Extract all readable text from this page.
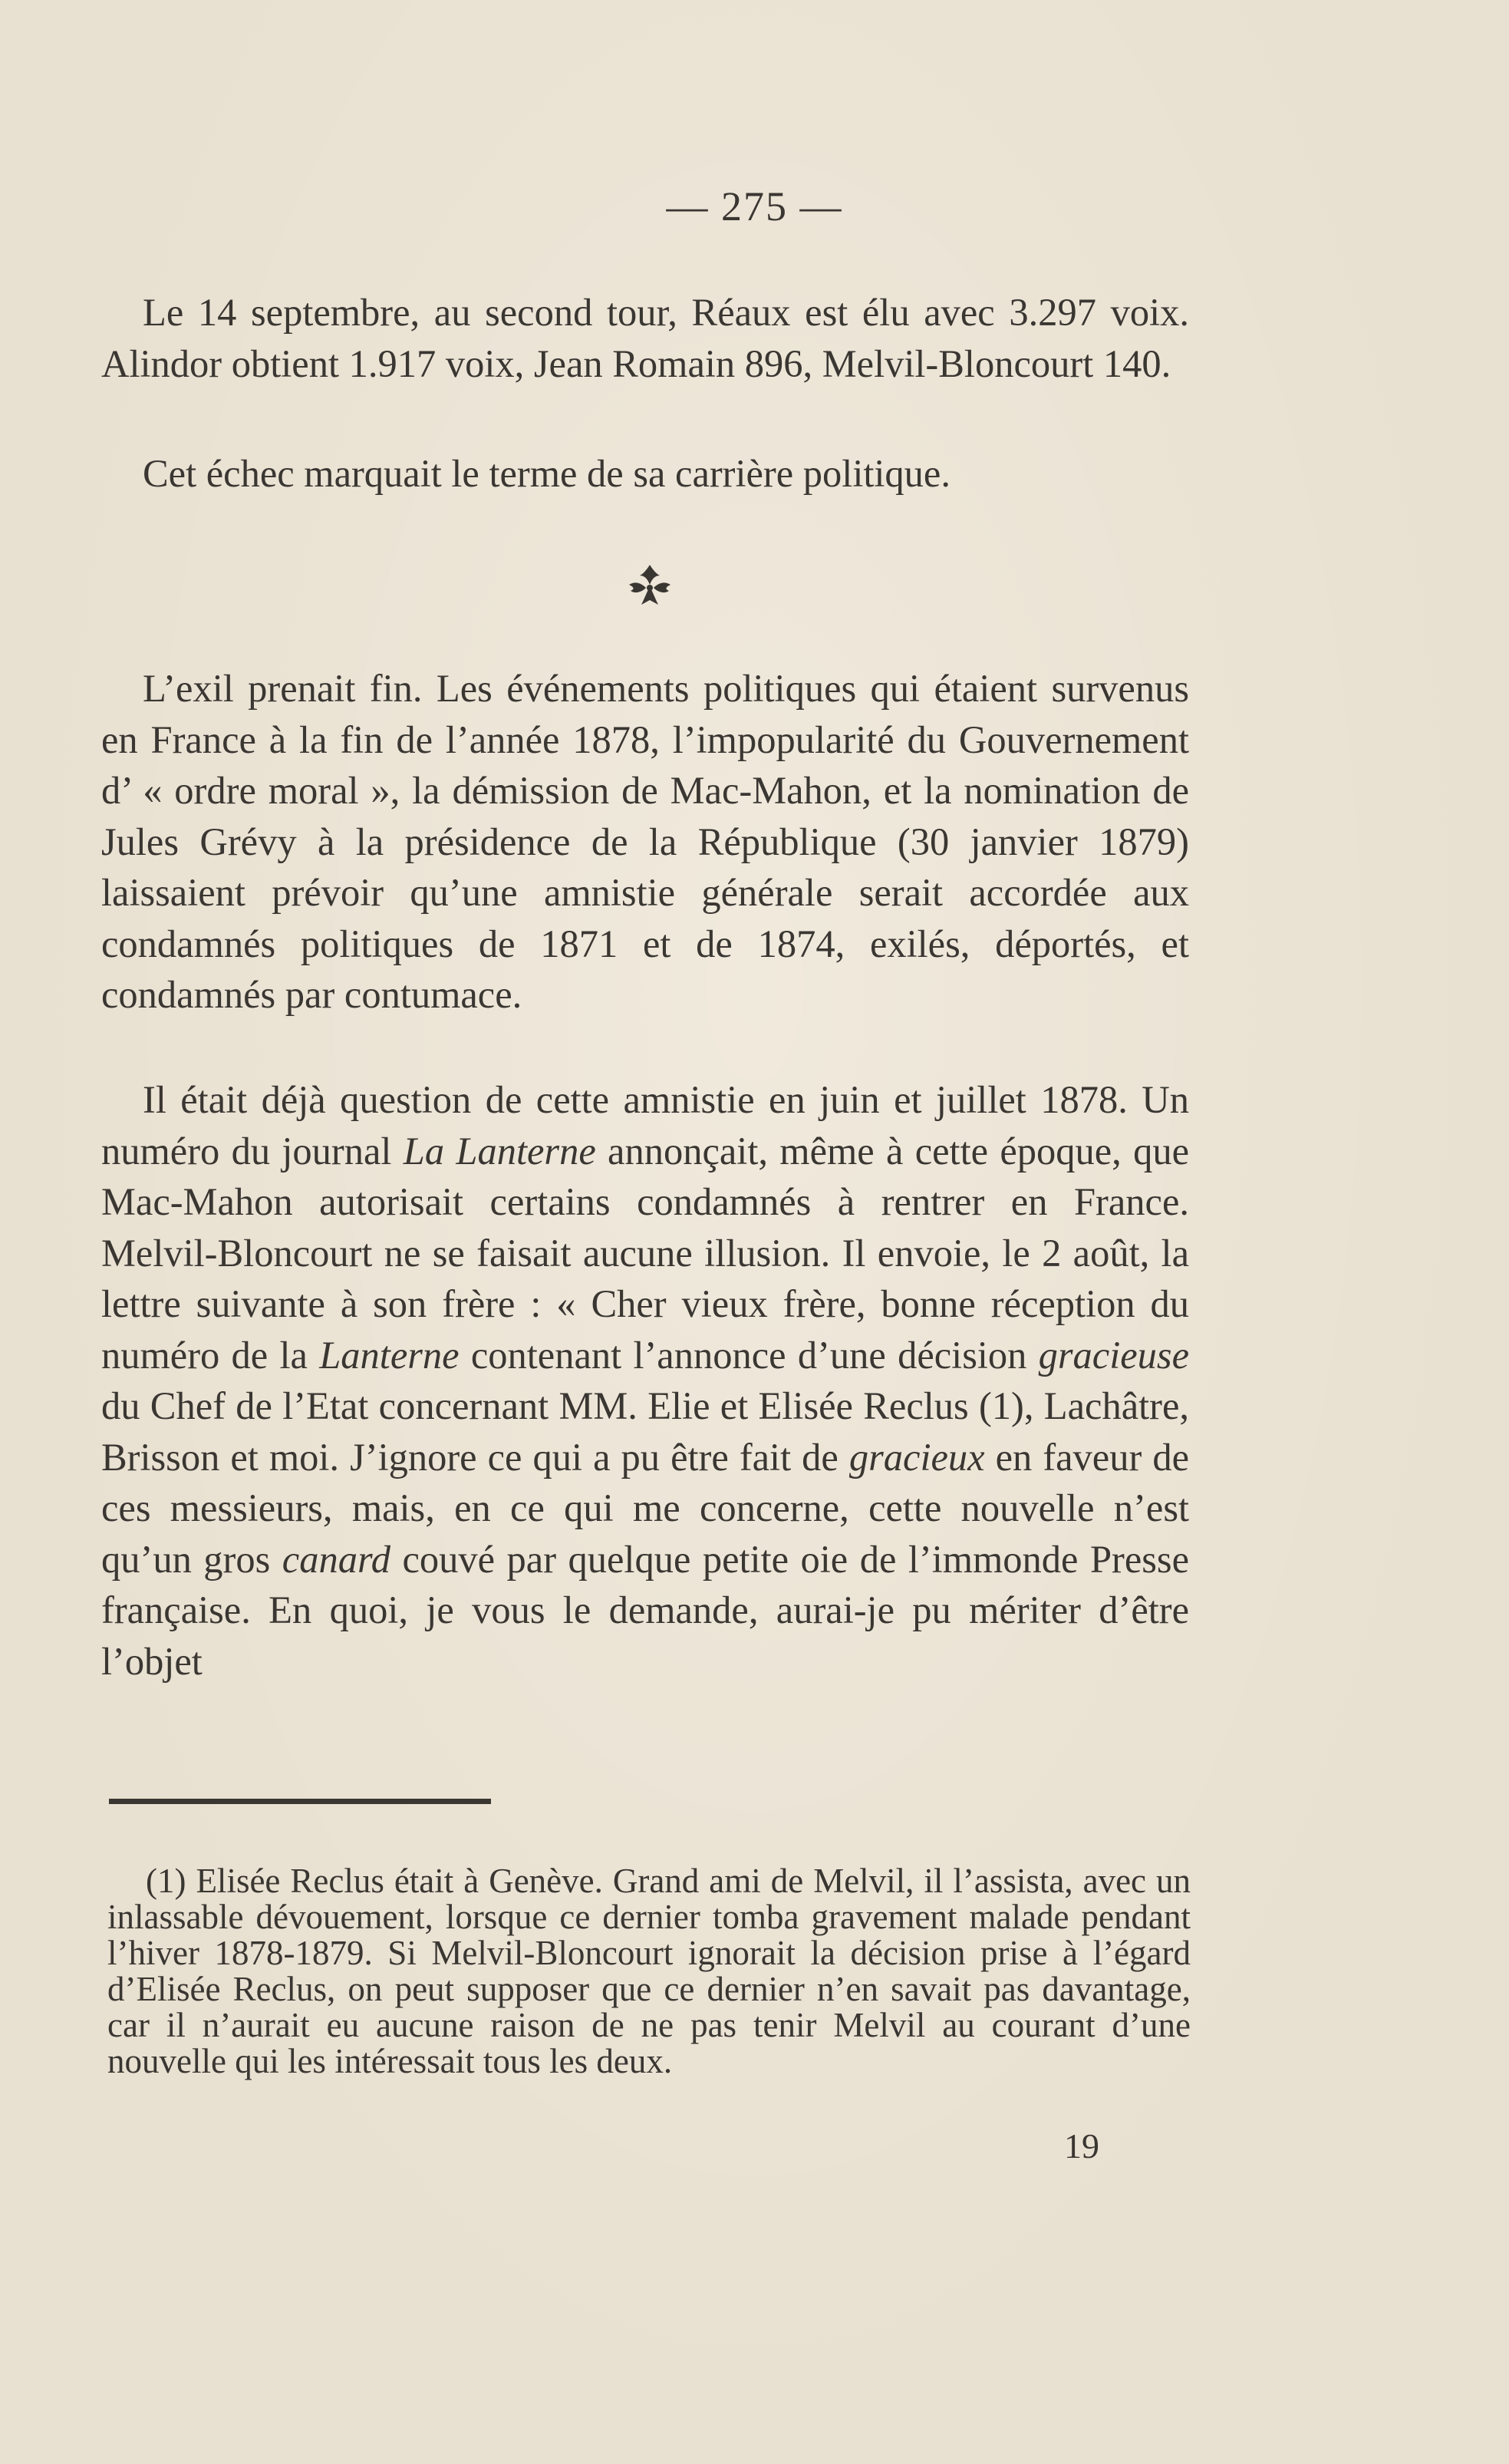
— 275 —

Le 14 septembre, au second tour, Réaux est élu avec 3.297 voix. Alindor obtient 1.917 voix, Jean Romain 896, Melvil-Bloncourt 140.

Cet échec marquait le terme de sa carrière politique.

L’exil prenait fin. Les événements politiques qui étaient survenus en France à la fin de l’année 1878, l’impopularité du Gouvernement d’ « ordre moral », la démission de Mac-Mahon, et la nomination de Jules Grévy à la présidence de la République (30 janvier 1879) laissaient prévoir qu’une amnistie générale serait accordée aux condamnés politiques de 1871 et de 1874, exilés, déportés, et condamnés par contumace.

Il était déjà question de cette amnistie en juin et juillet 1878. Un numéro du journal La Lanterne annonçait, même à cette époque, que Mac-Mahon autorisait certains condamnés à rentrer en France. Melvil-Bloncourt ne se faisait aucune illusion. Il envoie, le 2 août, la lettre suivante à son frère : « Cher vieux frère, bonne réception du numéro de la Lanterne contenant l’annonce d’une décision gracieuse du Chef de l’Etat concernant MM. Elie et Elisée Reclus (1), Lachâtre, Brisson et moi. J’ignore ce qui a pu être fait de gracieux en faveur de ces messieurs, mais, en ce qui me concerne, cette nouvelle n’est qu’un gros canard couvé par quelque petite oie de l’immonde Presse française. En quoi, je vous le demande, aurai-je pu mériter d’être l’objet

(1) Elisée Reclus était à Genève. Grand ami de Melvil, il l’assista, avec un inlassable dévouement, lorsque ce dernier tomba gravement malade pendant l’hiver 1878-1879. Si Melvil-Bloncourt ignorait la décision prise à l’égard d’Elisée Reclus, on peut supposer que ce dernier n’en savait pas davantage, car il n’aurait eu aucune raison de ne pas tenir Melvil au courant d’une nouvelle qui les intéressait tous les deux.

19
